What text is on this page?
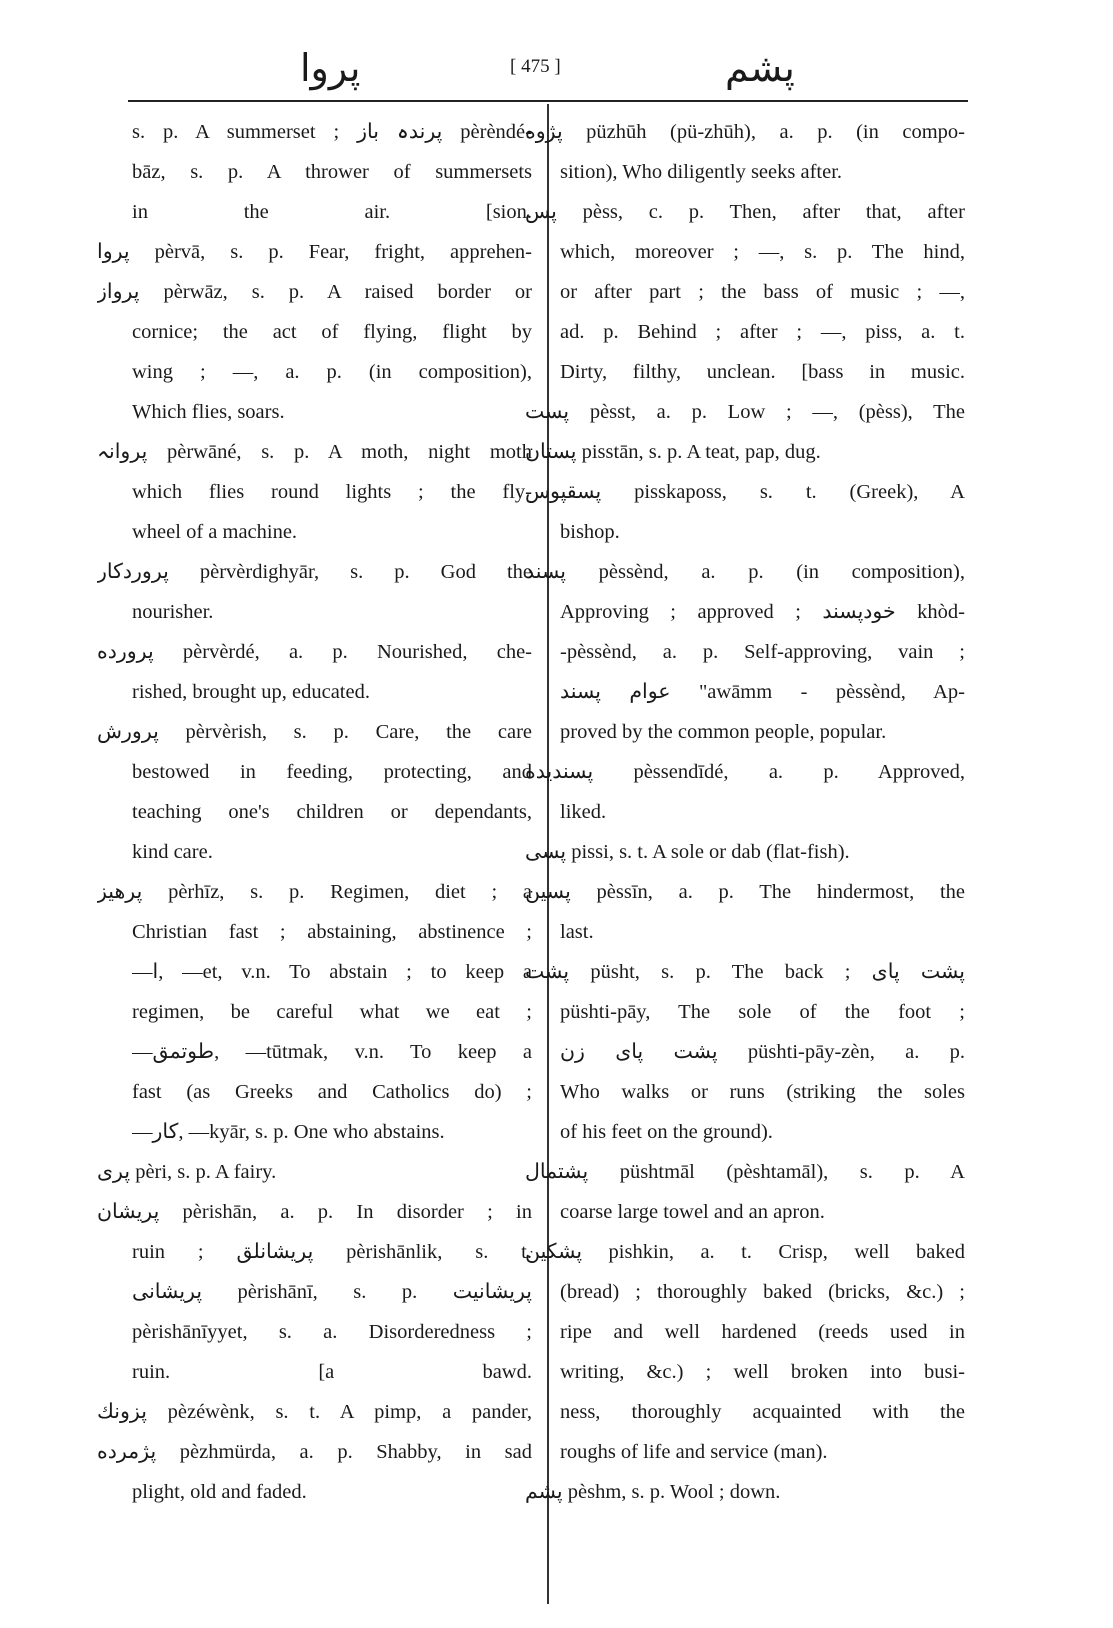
پروا	[ 475 ]	پشم
s. p. A summerset ; پرندہ باز pèrèndé-
bāz, s. p. A thrower of summersets
in the air. [sion.
پروا pèrvā, s. p. Fear, fright, apprehen-
پرواز pèrwāz, s. p. A raised border or
cornice; the act of flying, flight by
wing ; —, a. p. (in composition),
Which flies, soars.
پروانہ pèrwāné, s. p. A moth, night moth
which flies round lights ; the fly-
wheel of a machine.
پروردکار pèrvèrdighyār, s. p. God the
nourisher.
پرورده pèrvèrdé, a. p. Nourished, che-
rished, brought up, educated.
پرورش pèrvèrish, s. p. Care, the care
bestowed in feeding, protecting, and
teaching one's children or dependants,
kind care.
پرهیز pèrhīz, s. p. Regimen, diet ; a
Christian fast ; abstaining, abstinence ;
—ا, —et, v.n. To abstain ; to keep a
regimen, be careful what we eat ;
—طوتمق, —tūtmak, v.n. To keep a
fast (as Greeks and Catholics do) ;
—کار, —kyār, s. p. One who abstains.
پری pèri, s. p. A fairy.
پریشان pèrishān, a. p. In disorder ; in
ruin ; پریشانلق pèrishānlik, s. t.
پریشانی pèrishānī, s. p. پریشانیت
pèrishānīyyet, s. a. Disorderedness ;
ruin. [a bawd.
پزونك pèzéwènk, s. t. A pimp, a pander,
پژمرده pèzhmürda, a. p. Shabby, in sad
plight, old and faded.
پژوه püzhūh (pü-zhūh), a. p. (in compo-
sition), Who diligently seeks after.
پس pèss, c. p. Then, after that, after
which, moreover ; —, s. p. The hind,
or after part ; the bass of music ; —,
ad. p. Behind ; after ; —, piss, a. t.
Dirty, filthy, unclean. [bass in music.
پست pèsst, a. p. Low ; —, (pèss), The
پستان pisstān, s. p. A teat, pap, dug.
پسقپوس pisskaposs, s. t. (Greek), A
bishop.
پسند pèssènd, a. p. (in composition),
Approving ; approved ; خودپسند khòd-
-pèssènd, a. p. Self-approving, vain ;
عوام پسند "awāmm - pèssènd, Ap-
proved by the common people, popular.
پسندیده pèssendīdé, a. p. Approved,
liked.
پسی pissi, s. t. A sole or dab (flat-fish).
پسین pèssīn, a. p. The hindermost, the
last.
پشت püsht, s. p. The back ; پشت پای
püshti-pāy, The sole of the foot ;
پشت پای زن püshti-pāy-zèn, a. p.
Who walks or runs (striking the soles
of his feet on the ground).
پشتمال püshtmāl (pèshtamāl), s. p. A
coarse large towel and an apron.
پشکین pishkin, a. t. Crisp, well baked
(bread) ; thoroughly baked (bricks, &c.) ;
ripe and well hardened (reeds used in
writing, &c.) ; well broken into busi-
ness, thoroughly acquainted with the
roughs of life and service (man).
پشم pèshm, s. p. Wool ; down.
